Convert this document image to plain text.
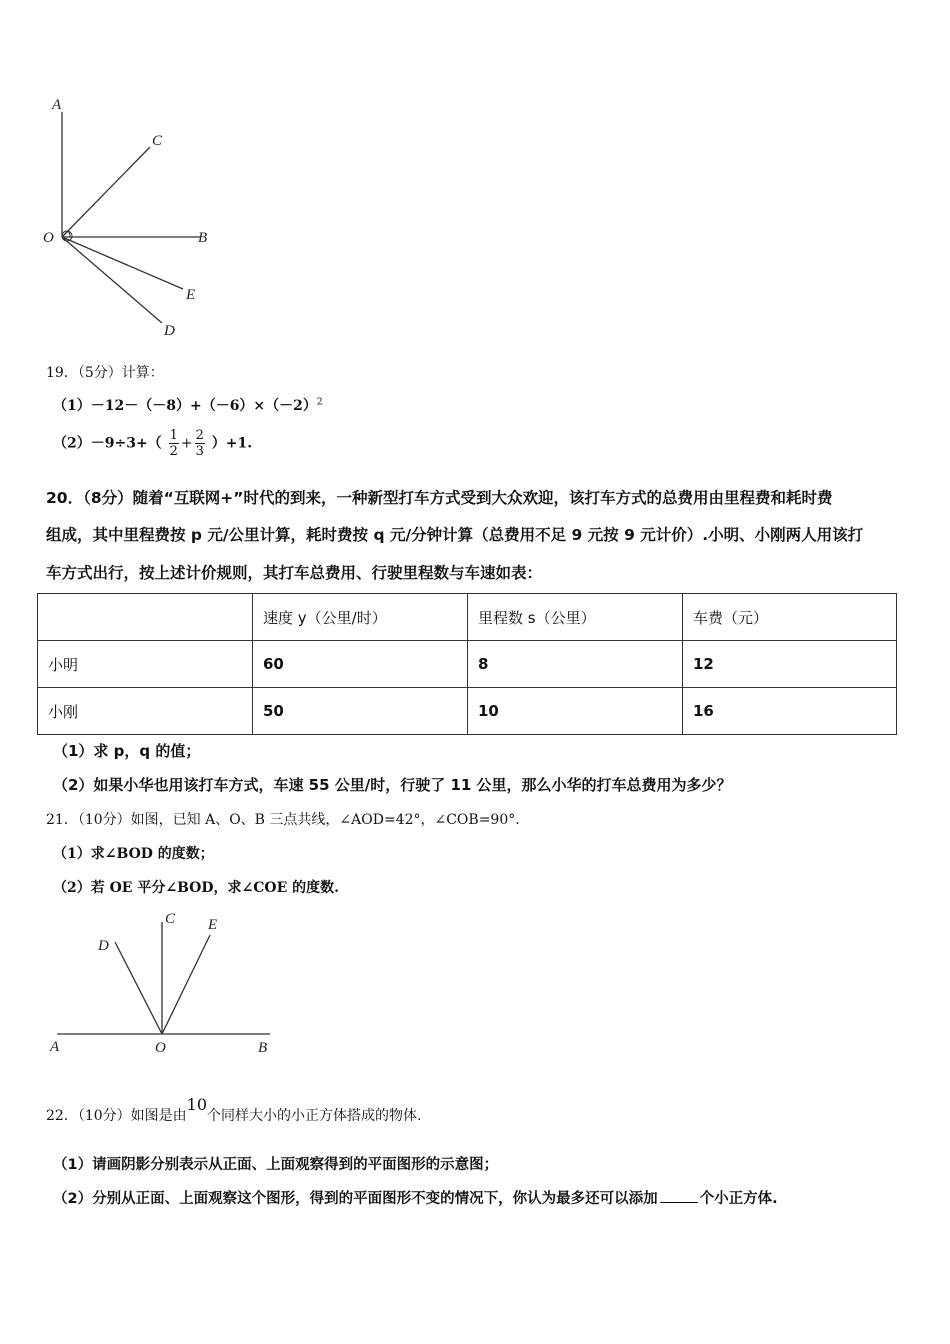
A
C
O	B
E
D
19．（5分）计算：
$(1)-12-(-8)+(-6)\times(-2)^2$
$(2)-9\div 3+( \frac{1}{2} + \frac{2}{3} )+1$.
20．（8分）随着“互联网+”时代的到来，一种新型打车方式受到大众欢迎，该打车方式的总费用由里程费和耗时费
组成，其中里程费按 p 元/公里计算，耗时费按 q 元/分钟计算（总费用不足 9 元按 9 元计价）.小明、小刚两人用该打
车方式出行，按上述计价规则，其打车总费用、行驶里程数与车速如表：
	速度 y（公里/时）	里程数 s（公里）	车费（元）
小明	60	8	12
小刚	50	10	16
（1）求 p，q 的值；
（2）如果小华也用该打车方式，车速 55 公里/时，行驶了 11 公里，那么小华的打车总费用为多少？
21．（10分）如图，已知 A、O、B 三点共线，∠AOD=42°，∠COB=90°.
（1）求∠BOD 的度数；
（2）若 OE 平分∠BOD，求∠COE 的度数.
D
C E
A	O	B
22．（10分）如图是由10个同样大小的小正方体搭成的物体.
（1）请画阴影分别表示从正面、上面观察得到的平面图形的示意图；
（2）分别从正面、上面观察这个图形，得到的平面图形不变的情况下，你认为最多还可以添加	个小正方体.
